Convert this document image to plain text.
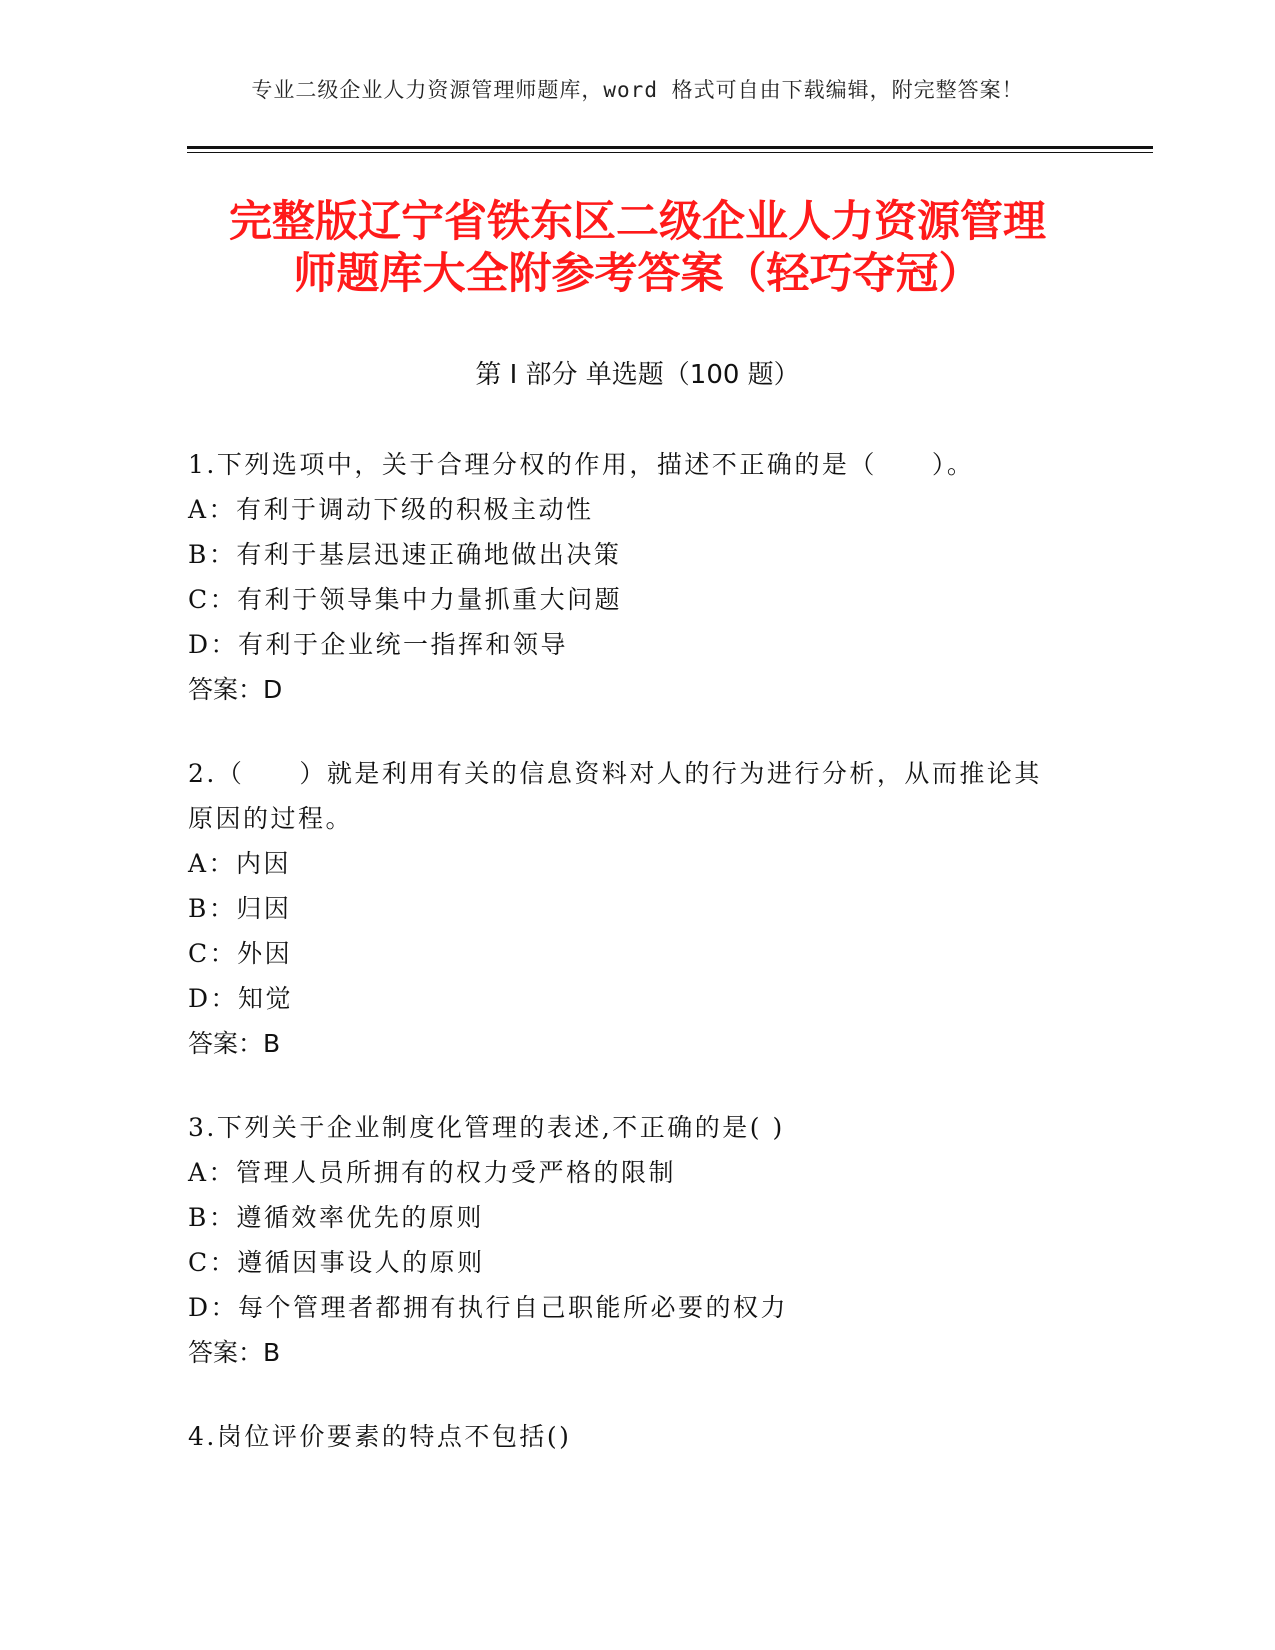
专业二级企业人力资源管理师题库，word 格式可自由下载编辑，附完整答案！
完整版辽宁省铁东区二级企业人力资源管理
师题库大全附参考答案（轻巧夺冠）
第 I 部分 单选题（100 题）
1.下列选项中，关于合理分权的作用，描述不正确的是（　　）。
A：有利于调动下级的积极主动性
B：有利于基层迅速正确地做出决策
C：有利于领导集中力量抓重大问题
D：有利于企业统一指挥和领导
答案：D
2.（　　）就是利用有关的信息资料对人的行为进行分析，从而推论其原因的过程。
A：内因
B：归因
C：外因
D：知觉
答案：B
3.下列关于企业制度化管理的表述,不正确的是( )
A：管理人员所拥有的权力受严格的限制
B：遵循效率优先的原则
C：遵循因事设人的原则
D：每个管理者都拥有执行自己职能所必要的权力
答案：B
4.岗位评价要素的特点不包括()
